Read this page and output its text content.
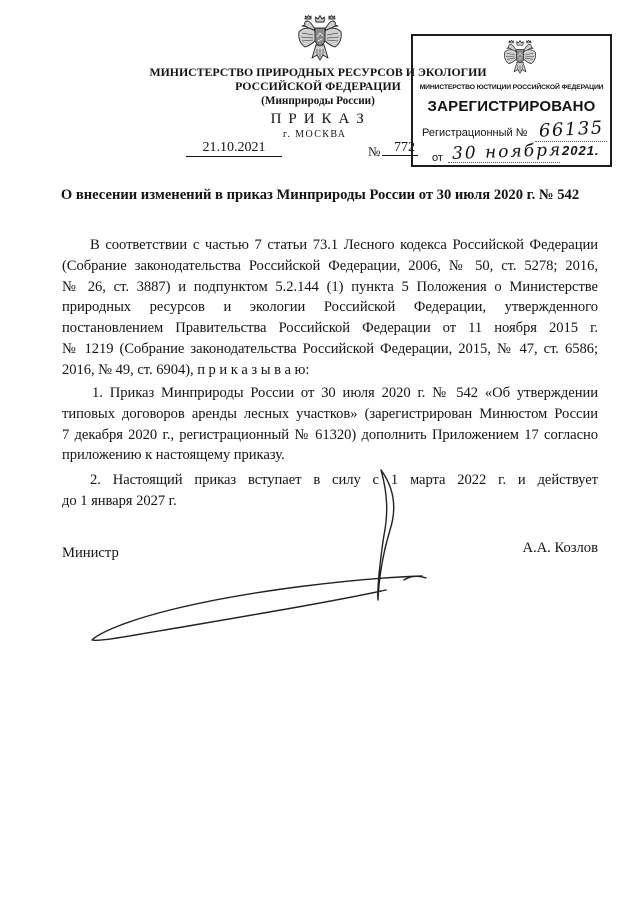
МИНИСТЕРСТВО ПРИРОДНЫХ РЕСУРСОВ И ЭКОЛОГИИ
РОССИЙСКОЙ ФЕДЕРАЦИИ
(Минприроды России)
П Р И К А З
г. МОСКВА
21.10.2021	№ 772
МИНИСТЕРСТВО ЮСТИЦИИ РОССИЙСКОЙ ФЕДЕРАЦИИ
ЗАРЕГИСТРИРОВАНО
Регистрационный № 66135
от 30 ноября 2021.
О внесении изменений в приказ Минприроды России от 30 июля 2020 г. № 542
В соответствии с частью 7 статьи 73.1 Лесного кодекса Российской Федерации
(Собрание законодательства Российской Федерации, 2006, № 50, ст. 5278; 2016,
№ 26, ст. 3887) и подпунктом 5.2.144 (1) пункта 5 Положения о Министерстве
природных ресурсов и экологии Российской Федерации, утвержденного
постановлением Правительства Российской Федерации от 11 ноября 2015 г.
№ 1219 (Собрание законодательства Российской Федерации, 2015, № 47, ст. 6586;
2016, № 49, ст. 6904), п р и к а з ы в а ю:
1. Приказ Минприроды России от 30 июля 2020 г. № 542 «Об утверждении
типовых договоров аренды лесных участков» (зарегистрирован Минюстом России
7 декабря 2020 г., регистрационный № 61320) дополнить Приложением 17 согласно
приложению к настоящему приказу.
2. Настоящий приказ вступает в силу с 1 марта 2022 г. и действует
до 1 января 2027 г.
Министр	А.А. Козлов
